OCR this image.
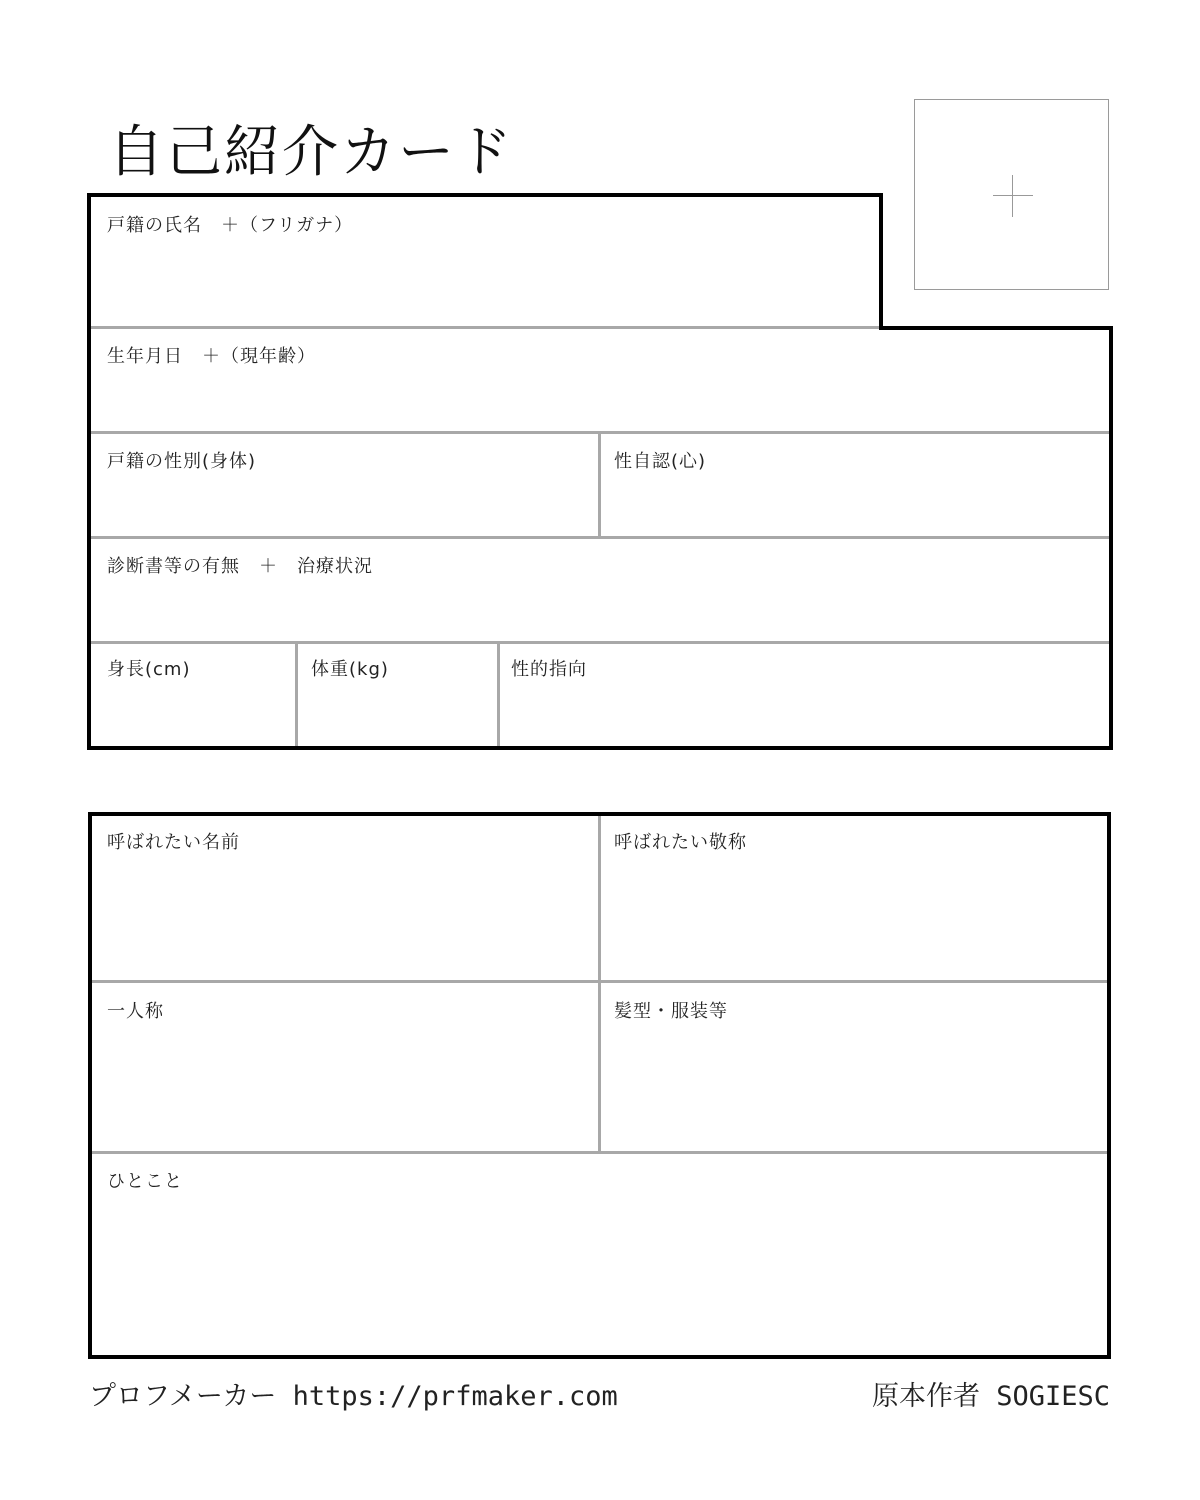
自己紹介カード
戸籍の氏名　＋（フリガナ）
生年月日　＋（現年齢）
戸籍の性別(身体)	性自認(心)
診断書等の有無　＋　治療状況
身長(cm)	体重(kg)	性的指向
呼ばれたい名前	呼ばれたい敬称
一人称	髪型・服装等
ひとこと
プロフメーカー https://prfmaker.com	原本作者 SOGIESC
